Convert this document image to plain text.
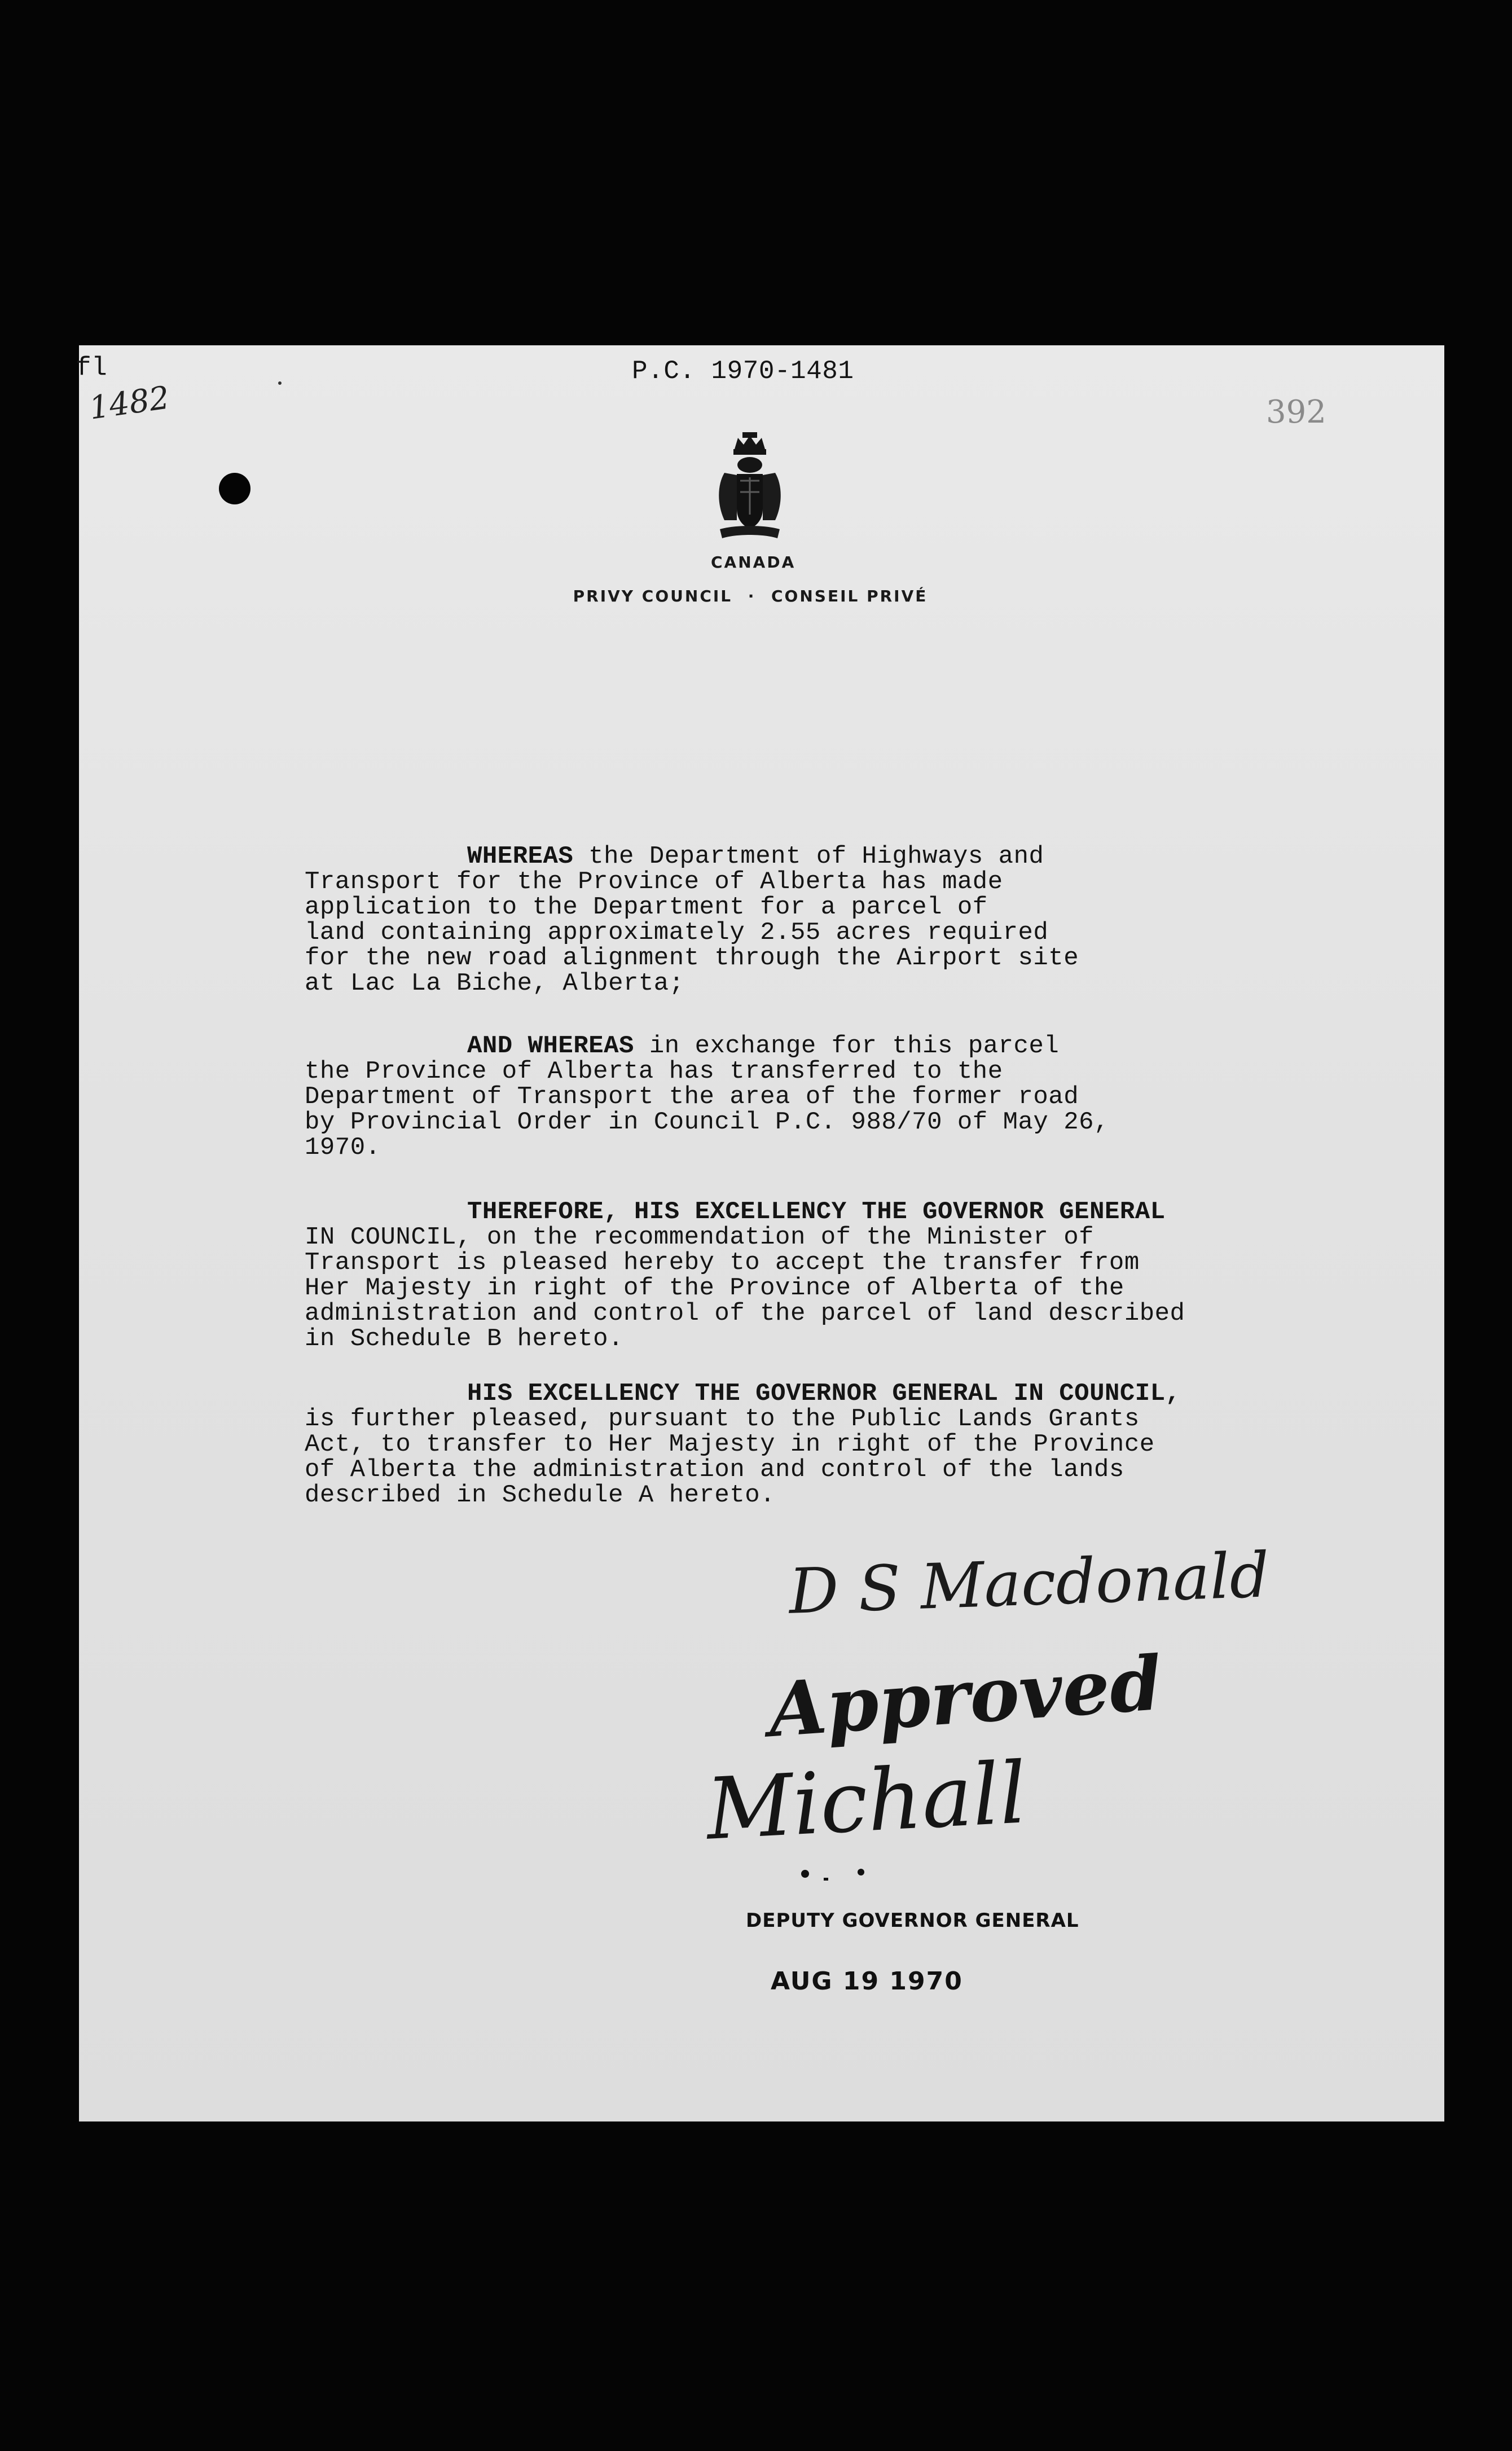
fl
1482
P.C. 1970-1481
392
CANADA
PRIVY COUNCIL · CONSEIL PRIVÉ
WHEREAS the Department of Highways and
Transport for the Province of Alberta has made
application to the Department for a parcel of
land containing approximately 2.55 acres required
for the new road alignment through the Airport site
at Lac La Biche, Alberta;
AND WHEREAS in exchange for this parcel
the Province of Alberta has transferred to the
Department of Transport the area of the former road
by Provincial Order in Council P.C. 988/70 of May 26,
1970.
THEREFORE, HIS EXCELLENCY THE GOVERNOR GENERAL
IN COUNCIL, on the recommendation of the Minister of
Transport is pleased hereby to accept the transfer from
Her Majesty in right of the Province of Alberta of the
administration and control of the parcel of land described
in Schedule B hereto.
HIS EXCELLENCY THE GOVERNOR GENERAL IN COUNCIL,
is further pleased, pursuant to the Public Lands Grants
Act, to transfer to Her Majesty in right of the Province
of Alberta the administration and control of the lands
described in Schedule A hereto.
D S Macdonald
Approved
Michall
DEPUTY GOVERNOR GENERAL
AUG 19 1970
